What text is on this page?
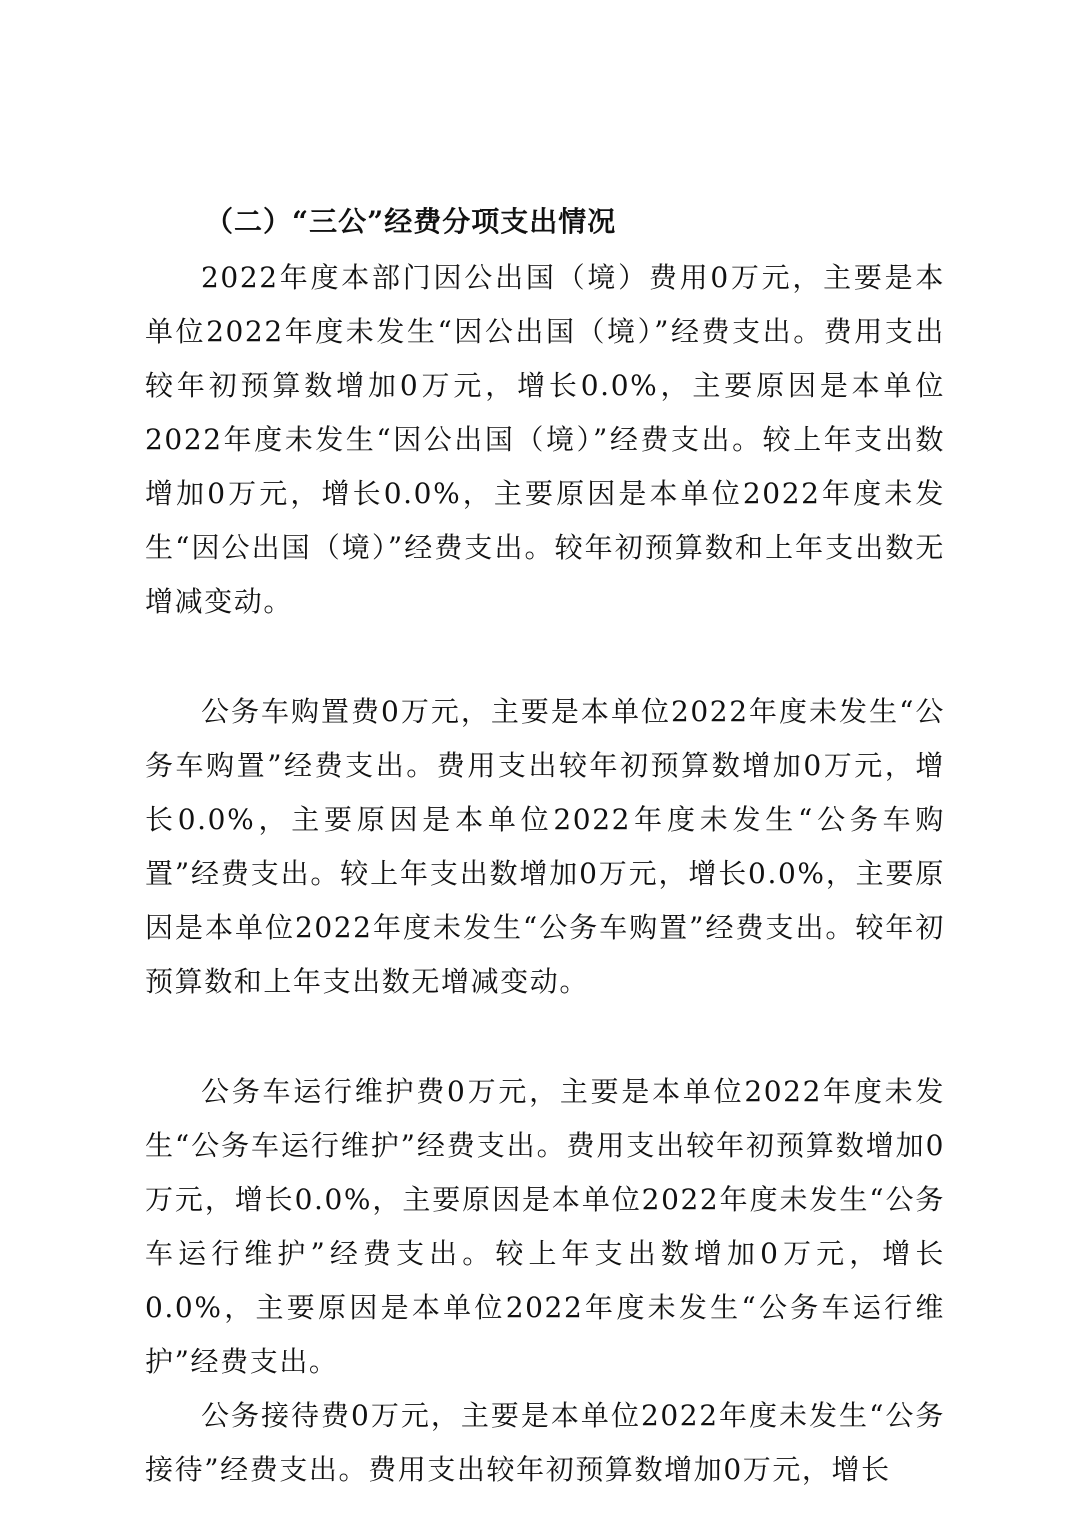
（二）“三公”经费分项支出情况

2022年度本部门因公出国（境）费用0万元，主要是本单位2022年度未发生“因公出国（境）”经费支出。费用支出较年初预算数增加0万元，增长0.0%，主要原因是本单位2022年度未发生“因公出国（境）”经费支出。较上年支出数增加0万元，增长0.0%，主要原因是本单位2022年度未发生“因公出国（境）”经费支出。较年初预算数和上年支出数无增减变动。

公务车购置费0万元，主要是本单位2022年度未发生“公务车购置”经费支出。费用支出较年初预算数增加0万元，增长0.0%，主要原因是本单位2022年度未发生“公务车购置”经费支出。较上年支出数增加0万元，增长0.0%，主要原因是本单位2022年度未发生“公务车购置”经费支出。较年初预算数和上年支出数无增减变动。

公务车运行维护费0万元，主要是本单位2022年度未发生“公务车运行维护”经费支出。费用支出较年初预算数增加0万元，增长0.0%，主要原因是本单位2022年度未发生“公务车运行维护”经费支出。较上年支出数增加0万元，增长0.0%，主要原因是本单位2022年度未发生“公务车运行维护”经费支出。

公务接待费0万元，主要是本单位2022年度未发生“公务接待”经费支出。费用支出较年初预算数增加0万元，增长
